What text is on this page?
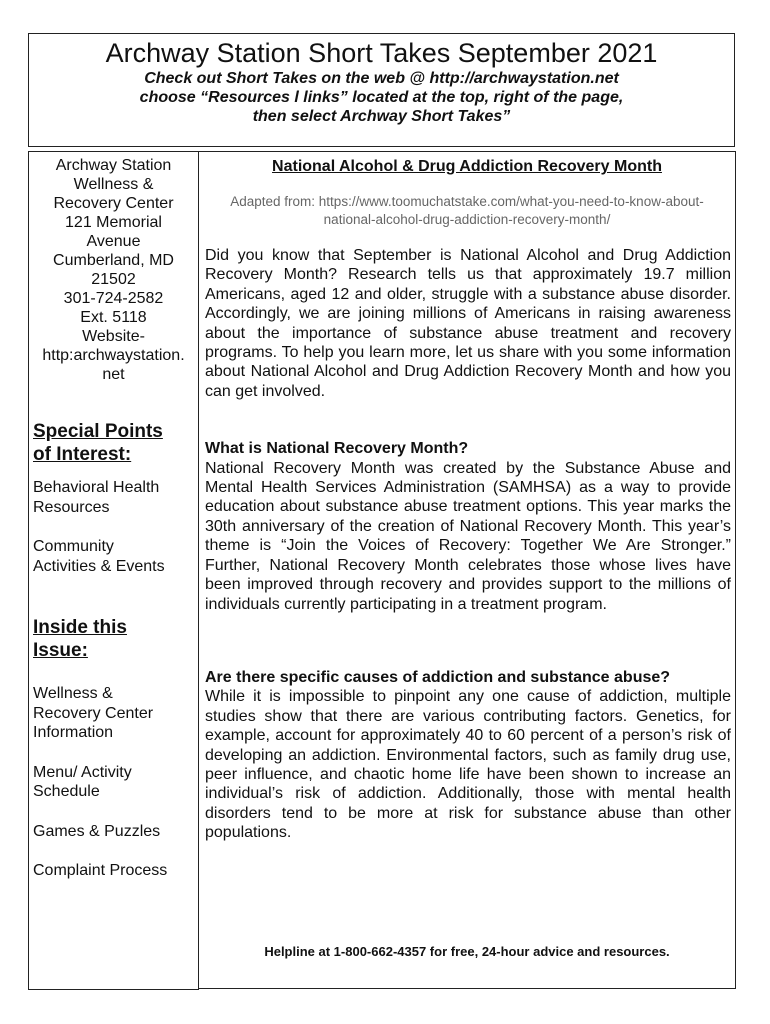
Archway Station Short Takes September 2021
Check out Short Takes on the web @ http://archwaystation.net
choose “Resources l links” located at the top, right of the page,
then select Archway Short Takes”
Archway Station
Wellness &
Recovery Center
121 Memorial
Avenue
Cumberland, MD
21502
301-724-2582
Ext. 5118
Website-
http:archwaystation.
net
Special Points
of Interest:
Behavioral Health
Resources
Community
Activities & Events
Inside this
Issue:
Wellness &
Recovery Center
Information
Menu/ Activity
Schedule
Games & Puzzles
Complaint Process
National Alcohol & Drug Addiction Recovery Month
Adapted from: https://www.toomuchatstake.com/what-you-need-to-know-about-national-alcohol-drug-addiction-recovery-month/
Did you know that September is National Alcohol and Drug Addiction Recovery Month? Research tells us that approximately 19.7 million Americans, aged 12 and older, struggle with a substance abuse disorder. Accordingly, we are joining millions of Americans in raising awareness about the importance of substance abuse treatment and recovery programs. To help you learn more, let us share with you some information about National Alcohol and Drug Addiction Recovery Month and how you can get involved.
What is National Recovery Month?
National Recovery Month was created by the Substance Abuse and Mental Health Services Administration (SAMHSA) as a way to provide education about substance abuse treatment options. This year marks the 30th anniversary of the creation of National Recovery Month. This year’s theme is “Join the Voices of Recovery: Together We Are Stronger.” Further, National Recovery Month celebrates those whose lives have been improved through recovery and provides support to the millions of individuals currently participating in a treatment program.
Are there specific causes of addiction and substance abuse?
While it is impossible to pinpoint any one cause of addiction, multiple studies show that there are various contributing factors. Genetics, for example, account for approximately 40 to 60 percent of a person’s risk of developing an addiction. Environmental factors, such as family drug use, peer influence, and chaotic home life have been shown to increase an individual’s risk of addiction. Additionally, those with mental health disorders tend to be more at risk for substance abuse than other populations.
Helpline at 1-800-662-4357 for free, 24-hour advice and resources.
